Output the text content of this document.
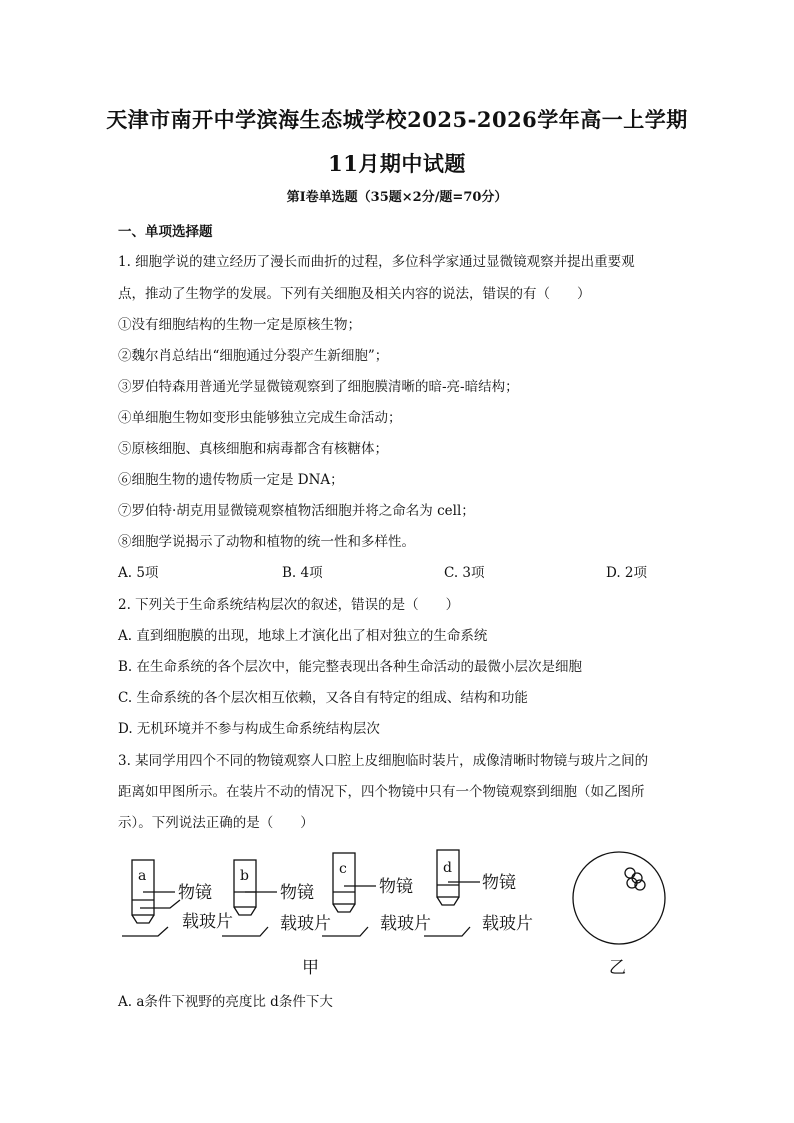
天津市南开中学滨海生态城学校2025-2026学年高一上学期
11月期中试题
第Ⅰ卷单选题（35题×2分/题=70分）
一、单项选择题
1. 细胞学说的建立经历了漫长而曲折的过程，多位科学家通过显微镜观察并提出重要观
点，推动了生物学的发展。下列有关细胞及相关内容的说法，错误的有（　　）
①没有细胞结构的生物一定是原核生物；
②魏尔肖总结出“细胞通过分裂产生新细胞”；
③罗伯特森用普通光学显微镜观察到了细胞膜清晰的暗-亮-暗结构；
④单细胞生物如变形虫能够独立完成生命活动；
⑤原核细胞、真核细胞和病毒都含有核糖体；
⑥细胞生物的遗传物质一定是 DNA；
⑦罗伯特·胡克用显微镜观察植物活细胞并将之命名为 cell；
⑧细胞学说揭示了动物和植物的统一性和多样性。
A. 5项	B. 4项	C. 3项	D. 2项
2. 下列关于生命系统结构层次的叙述，错误的是（　　）
A. 直到细胞膜的出现，地球上才演化出了相对独立的生命系统
B. 在生命系统的各个层次中，能完整表现出各种生命活动的最微小层次是细胞
C. 生命系统的各个层次相互依赖，又各自有特定的组成、结构和功能
D. 无机环境并不参与构成生命系统结构层次
3. 某同学用四个不同的物镜观察人口腔上皮细胞临时装片，成像清晰时物镜与玻片之间的
距离如甲图所示。在装片不动的情况下，四个物镜中只有一个物镜观察到细胞（如乙图所
示）。下列说法正确的是（　　）
a	b	c	d
物镜	物镜	物镜	物镜
载玻片	载玻片	载玻片	载玻片
甲	乙
A. a条件下视野的亮度比 d条件下大
